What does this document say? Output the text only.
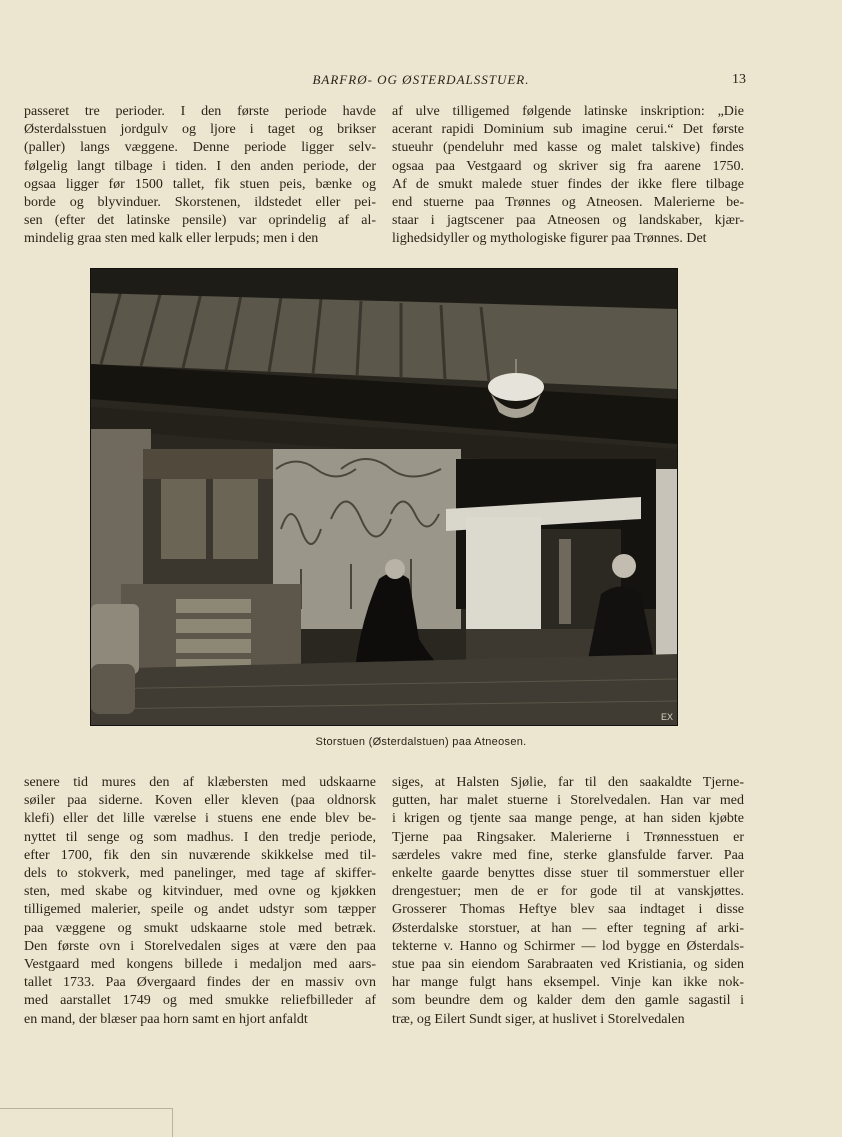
BARFRØ- OG ØSTERDALSSTUER.	13
passeret tre perioder. I den første periode havde
Østerdalsstuen jordgulv og ljore i taget og brikser
(paller) langs væggene. Denne periode ligger selv-
følgelig langt tilbage i tiden. I den anden periode, der
ogsaa ligger før 1500 tallet, fik stuen peis, bænke og
borde og blyvinduer. Skorstenen, ildstedet eller pei-
sen (efter det latinske pensile) var oprindelig af al-
mindelig graa sten med kalk eller lerpuds; men i den
af ulve tilligemed følgende latinske inskription: „Die
acerant rapidi Dominium sub imagine cerui.“ Det første
stueuhr (pendeluhr med kasse og malet talskive) findes
ogsaa paa Vestgaard og skriver sig fra aarene 1750.
Af de smukt malede stuer findes der ikke flere tilbage
end stuerne paa Trønnes og Atneosen. Malerierne be-
staar i jagtscener paa Atneosen og landskaber, kjær-
lighedsidyller og mythologiske figurer paa Trønnes. Det
EX
Storstuen (Østerdalstuen) paa Atneosen.
senere tid mures den af klæbersten med udskaarne
søiler paa siderne. Koven eller kleven (paa oldnorsk
klefi) eller det lille værelse i stuens ene ende blev be-
nyttet til senge og som madhus. I den tredje periode,
efter 1700, fik den sin nuværende skikkelse med til-
dels to stokverk, med panelinger, med tage af skiffer-
sten, med skabe og kitvinduer, med ovne og kjøkken
tilligemed malerier, speile og andet udstyr som tæpper
paa væggene og smukt udskaarne stole med betræk.
Den første ovn i Storelvedalen siges at være den paa
Vestgaard med kongens billede i medaljon med aars-
tallet 1733. Paa Øvergaard findes der en massiv ovn
med aarstallet 1749 og med smukke reliefbilleder af
en mand, der blæser paa horn samt en hjort anfaldt
siges, at Halsten Sjølie, far til den saakaldte Tjerne-
gutten, har malet stuerne i Storelvedalen. Han var med
i krigen og tjente saa mange penge, at han siden kjøbte
Tjerne paa Ringsaker. Malerierne i Trønnesstuen er
særdeles vakre med fine, sterke glansfulde farver. Paa
enkelte gaarde benyttes disse stuer til sommerstuer eller
drengestuer; men de er for gode til at vanskjøttes.
Grosserer Thomas Heftye blev saa indtaget i disse
Østerdalske storstuer, at han — efter tegning af arki-
tekterne v. Hanno og Schirmer — lod bygge en Østerdals-
stue paa sin eiendom Sarabraaten ved Kristiania, og siden
har mange fulgt hans eksempel. Vinje kan ikke nok-
som beundre dem og kalder dem den gamle sagastil i
træ, og Eilert Sundt siger, at huslivet i Storelvedalen
